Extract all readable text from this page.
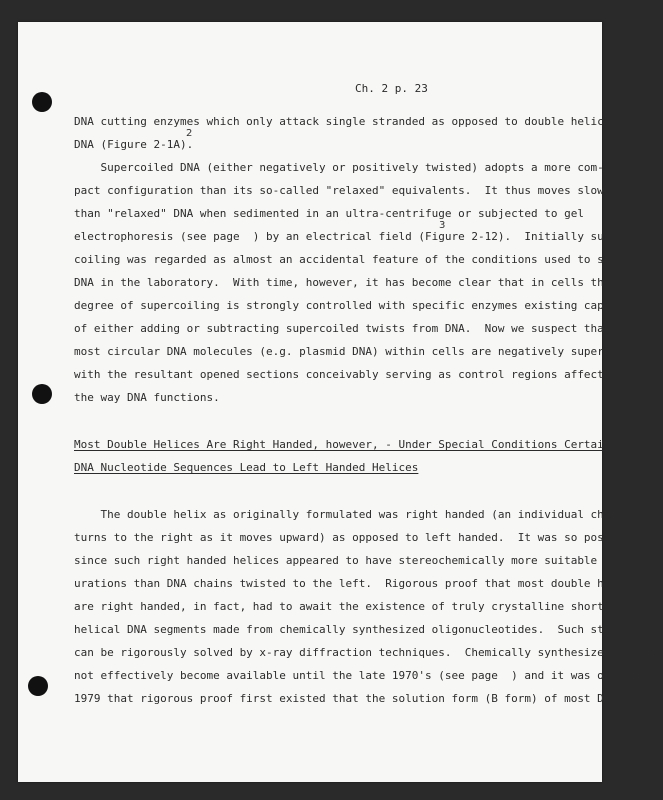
Ch. 2 p. 23
2
3
DNA cutting enzymes which only attack single stranded as opposed to double helical
DNA (Figure 2-1A).
Supercoiled DNA (either negatively or positively twisted) adopts a more com-
pact configuration than its so-called "relaxed" equivalents.  It thus moves slower
than "relaxed" DNA when sedimented in an ultra-centrifuge or subjected to gel
electrophoresis (see page  ) by an electrical field (Figure 2-12).  Initially super-
coiling was regarded as almost an accidental feature of the conditions used to study
DNA in the laboratory.  With time, however, it has become clear that in cells the
degree of supercoiling is strongly controlled with specific enzymes existing capable
of either adding or subtracting supercoiled twists from DNA.  Now we suspect that
most circular DNA molecules (e.g. plasmid DNA) within cells are negatively supercoiled
with the resultant opened sections conceivably serving as control regions affecting
the way DNA functions.
Most Double Helices Are Right Handed, however, - Under Special Conditions Certain
DNA Nucleotide Sequences Lead to Left Handed Helices
The double helix as originally formulated was right handed (an individual chain
turns to the right as it moves upward) as opposed to left handed.  It was so postulated
since such right handed helices appeared to have stereochemically more suitable config-
urations than DNA chains twisted to the left.  Rigorous proof that most double helices
are right handed, in fact, had to await the existence of truly crystalline short double
helical DNA segments made from chemically synthesized oligonucleotides.  Such structures
can be rigorously solved by x-ray diffraction techniques.  Chemically synthesized DNA did
not effectively become available until the late 1970's (see page  ) and it was only in
1979 that rigorous proof first existed that the solution form (B form) of most DNA
